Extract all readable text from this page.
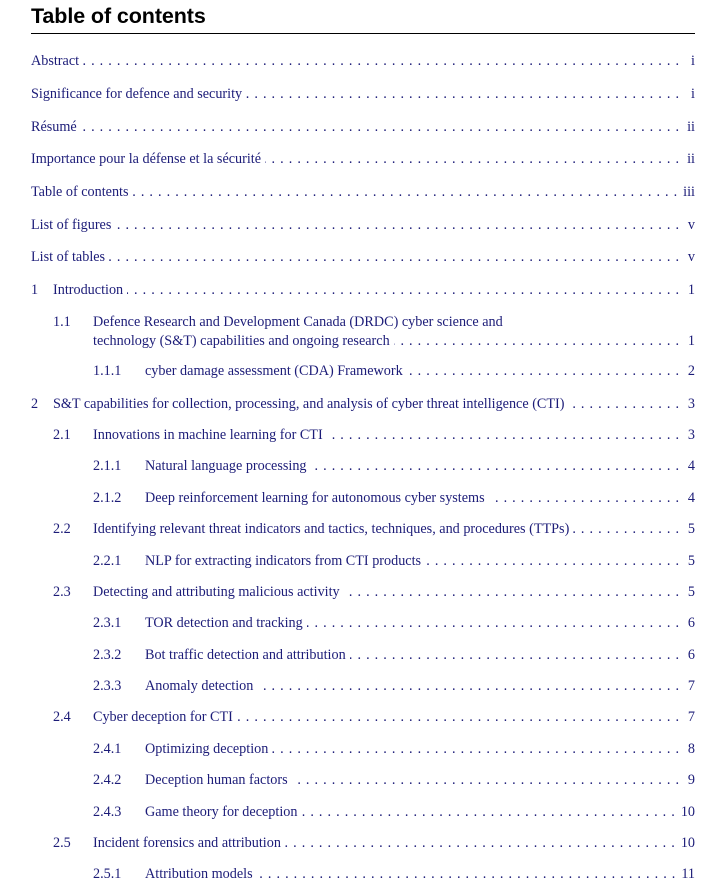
Table of contents
Abstract . . .	i
Significance for defence and security . . .	i
Résumé . . .	ii
Importance pour la défense et la sécurité . . .	ii
Table of contents . . .	iii
List of figures . . .	v
List of tables . . .	v
1 Introduction . . .	1
1.1 Defence Research and Development Canada (DRDC) cyber science and
technology (S&T) capabilities and ongoing research . . .	1
1.1.1 cyber damage assessment (CDA) Framework . . .	2
2 S&T capabilities for collection, processing, and analysis of cyber threat intelligence (CTI) . . .	3
2.1 Innovations in machine learning for CTI . . .	3
2.1.1 Natural language processing . . .	4
2.1.2 Deep reinforcement learning for autonomous cyber systems . . .	4
2.2 Identifying relevant threat indicators and tactics, techniques, and procedures (TTPs) . . .	5
2.2.1 NLP for extracting indicators from CTI products . . .	5
2.3 Detecting and attributing malicious activity . . .	5
2.3.1 TOR detection and tracking . . .	6
2.3.2 Bot traffic detection and attribution . . .	6
2.3.3 Anomaly detection . . .	7
2.4 Cyber deception for CTI . . .	7
2.4.1 Optimizing deception . . .	8
2.4.2 Deception human factors . . .	9
2.4.3 Game theory for deception . . .	10
2.5 Incident forensics and attribution . . .	10
2.5.1 Attribution models . . .	11
